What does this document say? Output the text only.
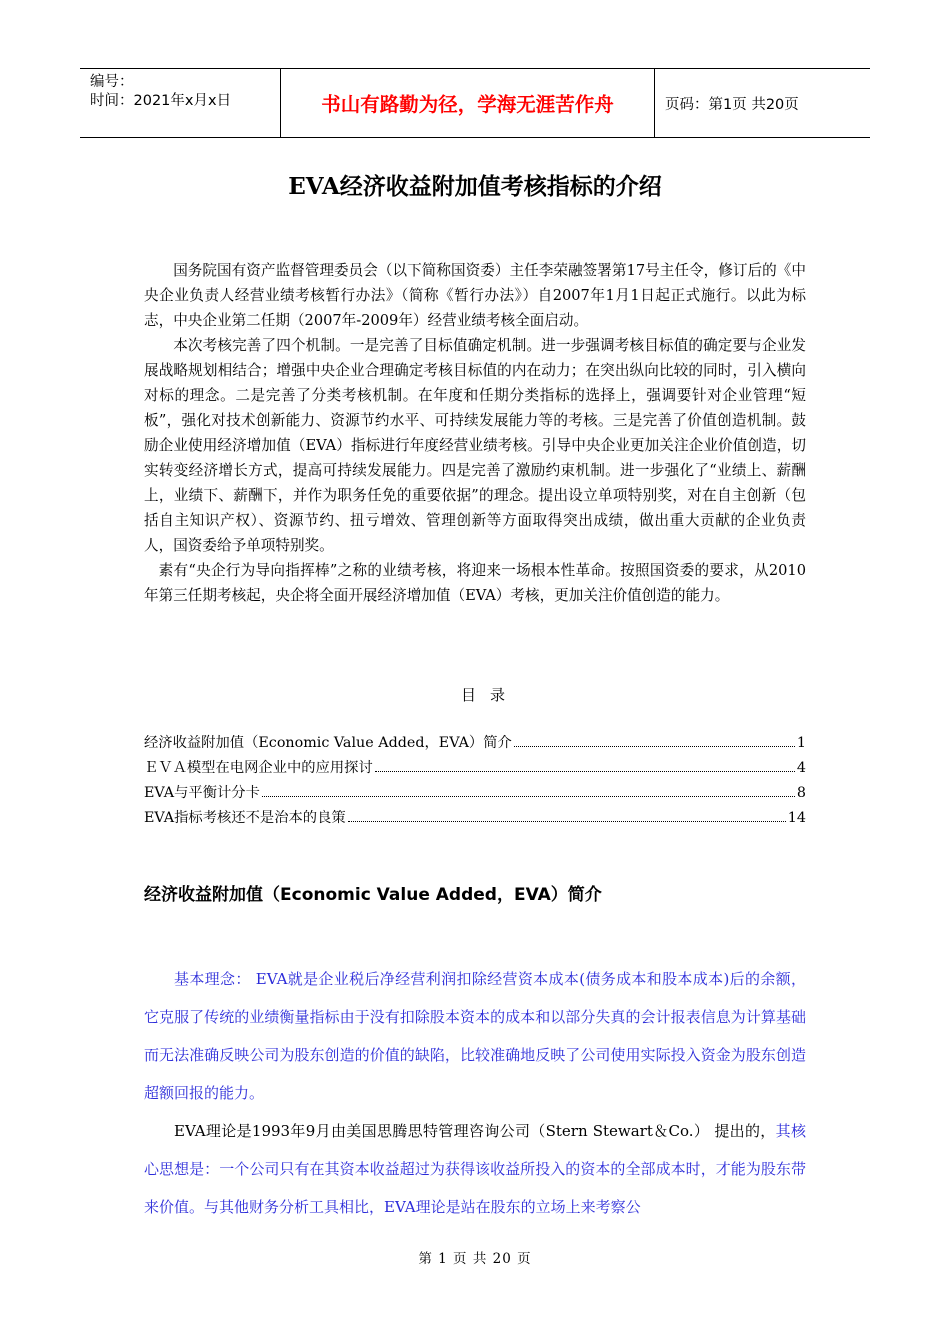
编号：
时间：2021年x月x日	书山有路勤为径，学海无涯苦作舟	页码：第1页 共20页
EVA经济收益附加值考核指标的介绍

国务院国有资产监督管理委员会（以下简称国资委）主任李荣融签署第17号主任令，修订后的《中央企业负责人经营业绩考核暂行办法》（简称《暂行办法》）自2007年1月1日起正式施行。以此为标志，中央企业第二任期（2007年-2009年）经营业绩考核全面启动。

本次考核完善了四个机制。一是完善了目标值确定机制。进一步强调考核目标值的确定要与企业发展战略规划相结合；增强中央企业合理确定考核目标值的内在动力；在突出纵向比较的同时，引入横向对标的理念。二是完善了分类考核机制。在年度和任期分类指标的选择上，强调要针对企业管理“短板”，强化对技术创新能力、资源节约水平、可持续发展能力等的考核。三是完善了价值创造机制。鼓励企业使用经济增加值（EVA）指标进行年度经营业绩考核。引导中央企业更加关注企业价值创造，切实转变经济增长方式，提高可持续发展能力。四是完善了激励约束机制。进一步强化了“业绩上、薪酬上，业绩下、薪酬下，并作为职务任免的重要依据”的理念。提出设立单项特别奖，对在自主创新（包括自主知识产权）、资源节约、扭亏增效、管理创新等方面取得突出成绩，做出重大贡献的企业负责人，国资委给予单项特别奖。

素有“央企行为导向指挥棒”之称的业绩考核，将迎来一场根本性革命。按照国资委的要求，从2010年第三任期考核起，央企将全面开展经济增加值（EVA）考核，更加关注价值创造的能力。

目录
经济收益附加值（Economic Value Added，EVA）简介	1
ＥＶＡ模型在电网企业中的应用探讨	4
EVA与平衡计分卡	8
EVA指标考核还不是治本的良策	14
经济收益附加值（Economic Value Added，EVA）简介

基本理念： EVA就是企业税后净经营利润扣除经营资本成本(债务成本和股本成本)后的余额，它克服了传统的业绩衡量指标由于没有扣除股本资本的成本和以部分失真的会计报表信息为计算基础而无法准确反映公司为股东创造的价值的缺陷，比较准确地反映了公司使用实际投入资金为股东创造超额回报的能力。

EVA理论是1993年9月由美国思腾思特管理咨询公司（Stern Stewart＆Co.） 提出的，其核心思想是：一个公司只有在其资本收益超过为获得该收益所投入的资本的全部成本时，才能为股东带来价值。与其他财务分析工具相比，EVA理论是站在股东的立场上来考察公

第 1 页 共 20 页
